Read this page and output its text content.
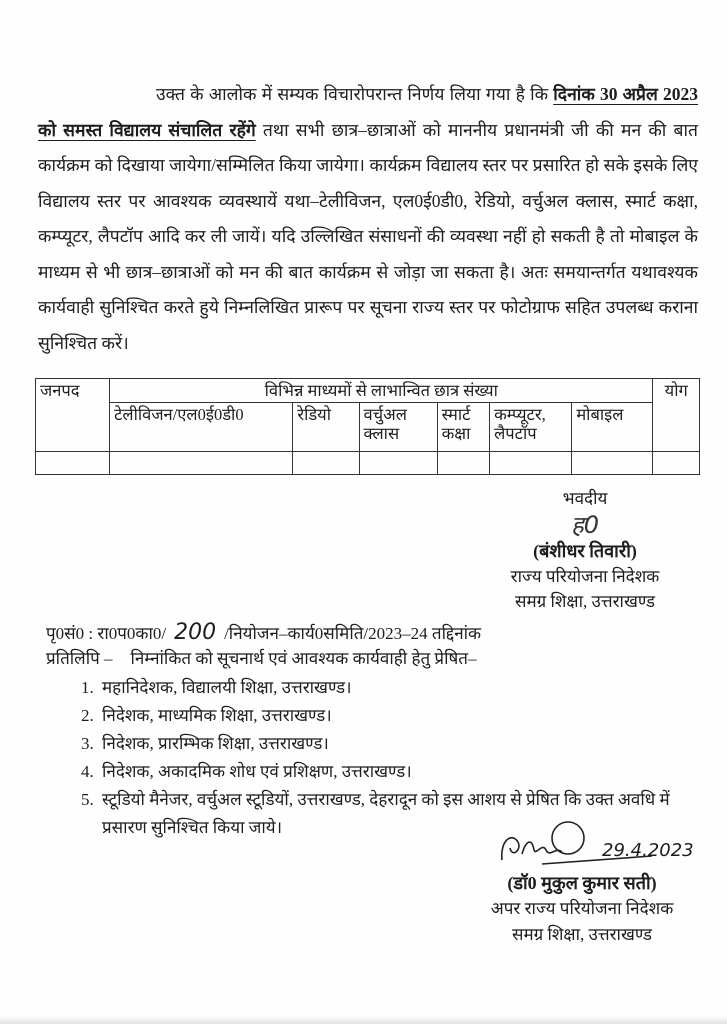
उक्त के आलोक में सम्यक विचारोपरान्त निर्णय लिया गया है कि दिनांक 30 अप्रैल 2023 को समस्त विद्यालय संचालित रहेंगे तथा सभी छात्र–छात्राओं को माननीय प्रधानमंत्री जी की मन की बात कार्यक्रम को दिखाया जायेगा/सम्मिलित किया जायेगा। कार्यक्रम विद्यालय स्तर पर प्रसारित हो सके इसके लिए विद्यालय स्तर पर आवश्यक व्यवस्थायें यथा–टेलीविजन, एल0ई0डी0, रेडियो, वर्चुअल क्लास, स्मार्ट कक्षा, कम्प्यूटर, लैपटॉप आदि कर ली जायें। यदि उल्लिखित संसाधनों की व्यवस्था नहीं हो सकती है तो मोबाइल के माध्यम से भी छात्र–छात्राओं को मन की बात कार्यक्रम से जोड़ा जा सकता है। अतः समयान्तर्गत यथावश्यक कार्यवाही सुनिश्चित करते हुये निम्नलिखित प्रारूप पर सूचना राज्य स्तर पर फोटोग्राफ सहित उपलब्ध कराना सुनिश्चित करें।
जनपद	विभिन्न माध्यमों से लाभान्वित छात्र संख्या						योग
	टेलीविजन/एल0ई0डी0	रेडियो	वर्चुअल क्लास	स्मार्ट कक्षा	कम्प्यूटर, लैपटॉप	मोबाइल	

भवदीय
ह0
(बंशीधर तिवारी)
राज्य परियोजना निदेशक
समग्र शिक्षा, उत्तराखण्ड
पृ0सं0 : रा0प0का0/ 200 /नियोजन–कार्य0समिति/2023–24 तद्दिनांक
प्रतिलिपि – निम्नांकित को सूचनार्थ एवं आवश्यक कार्यवाही हेतु प्रेषित–
1. महानिदेशक, विद्यालयी शिक्षा, उत्तराखण्ड।
2. निदेशक, माध्यमिक शिक्षा, उत्तराखण्ड।
3. निदेशक, प्रारम्भिक शिक्षा, उत्तराखण्ड।
4. निदेशक, अकादमिक शोध एवं प्रशिक्षण, उत्तराखण्ड।
5. स्टूडियो मैनेजर, वर्चुअल स्टूडियों, उत्तराखण्ड, देहरादून को इस आशय से प्रेषित कि उक्त अवधि में प्रसारण सुनिश्चित किया जाये।
29.4.2023
(डॉ0 मुकुल कुमार सती)
अपर राज्य परियोजना निदेशक
समग्र शिक्षा, उत्तराखण्ड
